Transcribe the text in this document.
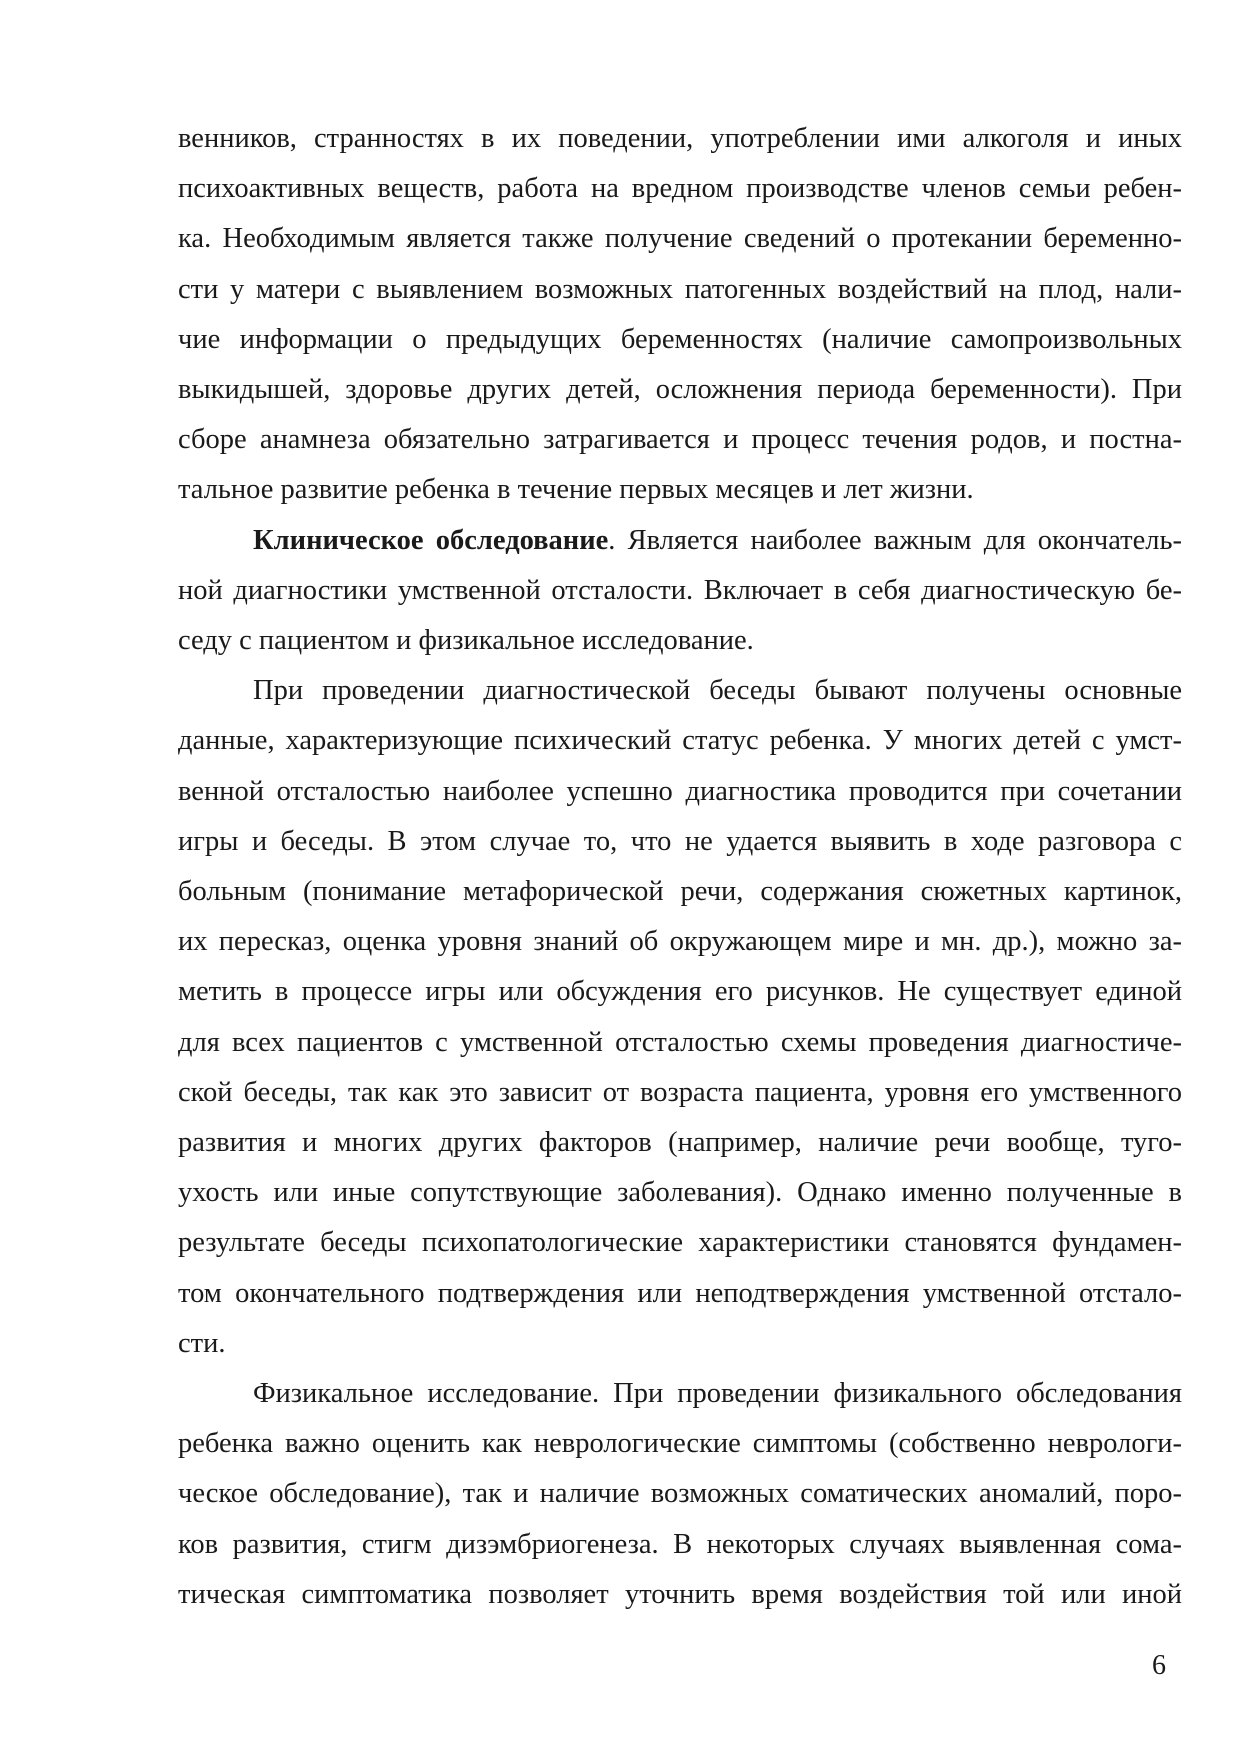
венников, странностях в их поведении, употреблении ими алкоголя и иных
психоактивных веществ, работа на вредном производстве членов семьи ребен-
ка. Необходимым является также получение сведений о протекании беременно-
сти у матери с выявлением возможных патогенных воздействий на плод, нали-
чие информации о предыдущих беременностях (наличие самопроизвольных
выкидышей, здоровье других детей, осложнения периода беременности). При
сборе анамнеза обязательно затрагивается и процесс течения родов, и постна-
тальное развитие ребенка в течение первых месяцев и лет жизни.
Клиническое обследование. Является наиболее важным для окончатель-
ной диагностики умственной отсталости. Включает в себя диагностическую бе-
седу с пациентом и физикальное исследование.
При проведении диагностической беседы бывают получены основные
данные, характеризующие психический статус ребенка. У многих детей с умст-
венной отсталостью наиболее успешно диагностика проводится при сочетании
игры и беседы. В этом случае то, что не удается выявить в ходе разговора с
больным (понимание метафорической речи, содержания сюжетных картинок,
их пересказ, оценка уровня знаний об окружающем мире и мн. др.), можно за-
метить в процессе игры или обсуждения его рисунков. Не существует единой
для всех пациентов с умственной отсталостью схемы проведения диагностиче-
ской беседы, так как это зависит от возраста пациента, уровня его умственного
развития и многих других факторов (например, наличие речи вообще, туго-
ухость или иные сопутствующие заболевания). Однако именно полученные в
результате беседы психопатологические характеристики становятся фундамен-
том окончательного подтверждения или неподтверждения умственной отстало-
сти.
Физикальное исследование. При проведении физикального обследования
ребенка важно оценить как неврологические симптомы (собственно неврологи-
ческое обследование), так и наличие возможных соматических аномалий, поро-
ков развития, стигм дизэмбриогенеза. В некоторых случаях выявленная сома-
тическая симптоматика позволяет уточнить время воздействия той или иной
6
